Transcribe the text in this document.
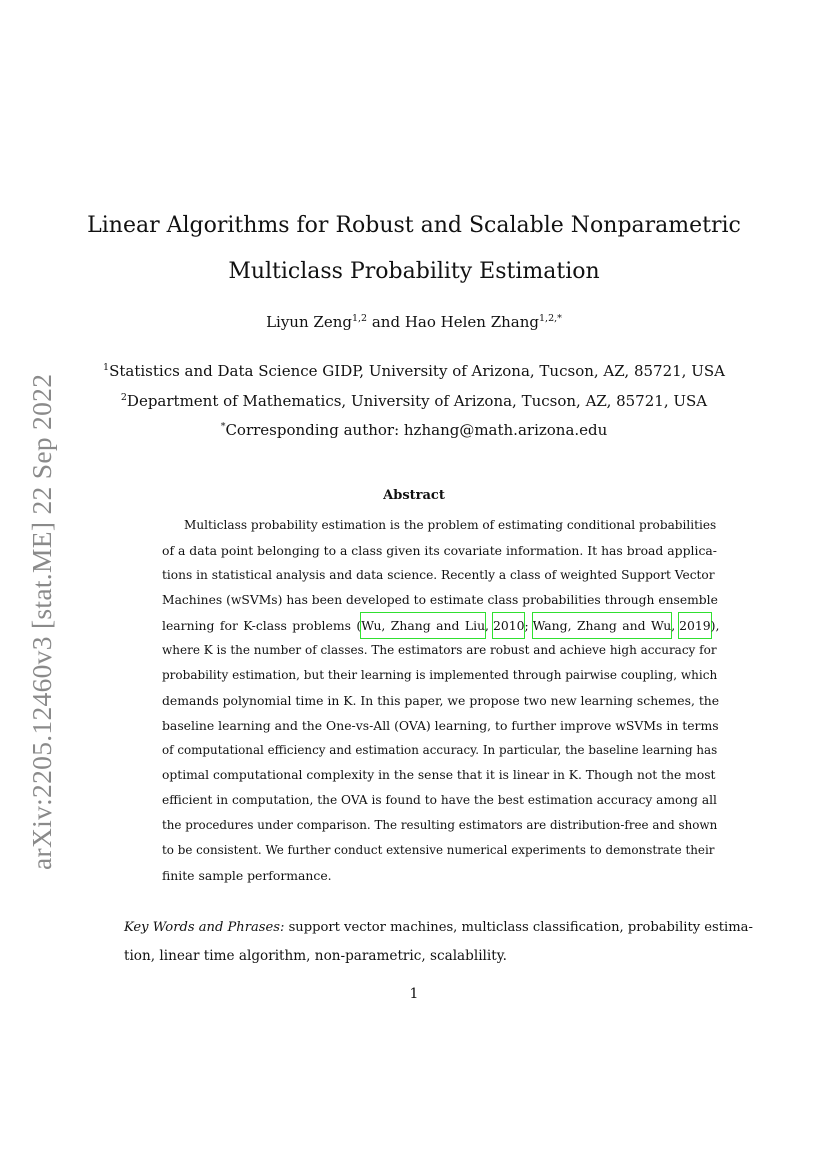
arXiv:2205.12460v3 [stat.ME] 22 Sep 2022
Linear Algorithms for Robust and Scalable Nonparametric
Multiclass Probability Estimation
Liyun Zeng$^{1,2}$ and Hao Helen Zhang$^{1,2,*}$
$^1$Statistics and Data Science GIDP, University of Arizona, Tucson, AZ, 85721, USA
$^2$Department of Mathematics, University of Arizona, Tucson, AZ, 85721, USA
*Corresponding author: hzhang@math.arizona.edu
Abstract
Multiclass probability estimation is the problem of estimating conditional probabilities
of a data point belonging to a class given its covariate information. It has broad applica-
tions in statistical analysis and data science. Recently a class of weighted Support Vector
Machines (wSVMs) has been developed to estimate class probabilities through ensemble
learning for K-class problems ( Wu, Zhang and Liu , 2010 ; Wang, Zhang and Wu , 2019 ),
where K is the number of classes. The estimators are robust and achieve high accuracy for
probability estimation, but their learning is implemented through pairwise coupling, which
demands polynomial time in K. In this paper, we propose two new learning schemes, the
baseline learning and the One-vs-All (OVA) learning, to further improve wSVMs in terms
of computational efficiency and estimation accuracy. In particular, the baseline learning has
optimal computational complexity in the sense that it is linear in K. Though not the most
efficient in computation, the OVA is found to have the best estimation accuracy among all
the procedures under comparison. The resulting estimators are distribution-free and shown
to be consistent. We further conduct extensive numerical experiments to demonstrate their
finite sample performance.
Key Words and Phrases: support vector machines, multiclass classification, probability estima-
tion, linear time algorithm, non-parametric, scalablility.
1
